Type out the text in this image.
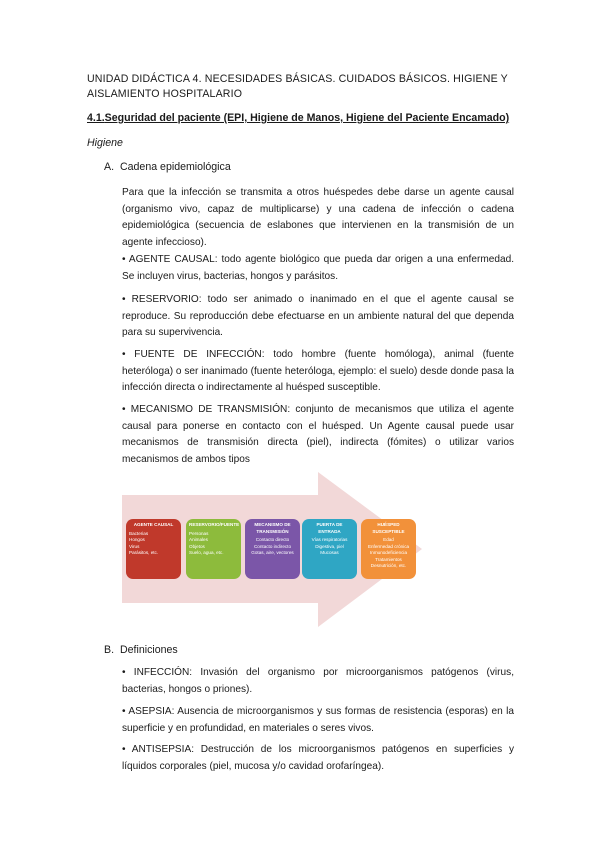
UNIDAD DIDÁCTICA 4. NECESIDADES BÁSICAS. CUIDADOS BÁSICOS. HIGIENE Y AISLAMIENTO HOSPITALARIO
4.1.Seguridad del paciente (EPI, Higiene de Manos, Higiene del Paciente Encamado)
Higiene
A. Cadena epidemiológica
Para que la infección se transmita a otros huéspedes debe darse un agente causal (organismo vivo, capaz de multiplicarse) y una cadena de infección o cadena epidemiológica (secuencia de eslabones que intervienen en la transmisión de un agente infeccioso).
• AGENTE CAUSAL: todo agente biológico que pueda dar origen a una enfermedad. Se incluyen virus, bacterias, hongos y parásitos.
• RESERVORIO: todo ser animado o inanimado en el que el agente causal se reproduce. Su reproducción debe efectuarse en un ambiente natural del que dependa para su supervivencia.
• FUENTE DE INFECCIÓN: todo hombre (fuente homóloga), animal (fuente heteróloga) o ser inanimado (fuente heteróloga, ejemplo: el suelo) desde donde pasa la infección directa o indirectamente al huésped susceptible.
• MECANISMO DE TRANSMISIÓN: conjunto de mecanismos que utiliza el agente causal para ponerse en contacto con el huésped. Un Agente causal puede usar mecanismos de transmisión directa (piel), indirecta (fómites) o utilizar varios mecanismos de ambos tipos
AGENTE CAUSAL
Bacterias
Hongos
Virus
Parásitos, etc.
RESERVORIO/FUENTE
Personas
Animales
Objetos
Suelo, agua, etc.
MECANISMO DE TRANSMISIÓN
Contacto directo
Contacto indirecto
Gotas, aire, vectores
PUERTA DE ENTRADA
Vías respiratorias
Digestiva, piel
Mucosas
HUÉSPED SUSCEPTIBLE
Edad
Enfermedad crónica
Inmunodeficiencia
Tratamientos
Desnutrición, etc.
B. Definiciones
• INFECCIÓN: Invasión del organismo por microorganismos patógenos (virus, bacterias, hongos o priones).
• ASEPSIA: Ausencia de microorganismos y sus formas de resistencia (esporas) en la superficie y en profundidad, en materiales o seres vivos.
• ANTISEPSIA: Destrucción de los microorganismos patógenos en superficies y líquidos corporales (piel, mucosa y/o cavidad orofaríngea).
